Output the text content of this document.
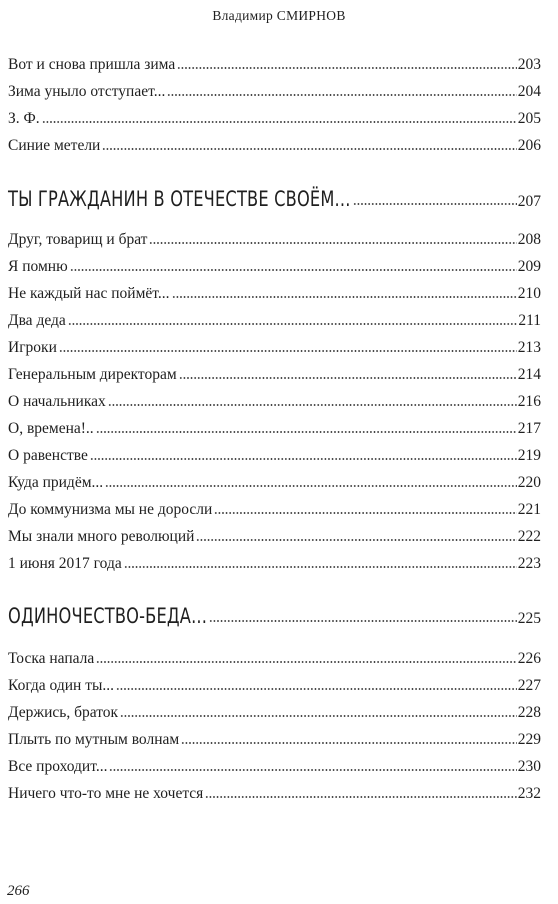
Владимир СМИРНОВ
Вот и снова пришла зима	203
Зима уныло отступает...	204
З. Ф.	205
Синие метели	206
ТЫ ГРАЖДАНИН В ОТЕЧЕСТВЕ СВОЁМ...	207
Друг, товарищ и брат	208
Я помню	209
Не каждый нас поймёт...	210
Два деда	211
Игроки	213
Генеральным директорам	214
О начальниках	216
О, времена!..	217
О равенстве	219
Куда придём...	220
До коммунизма мы не доросли	221
Мы знали много революций	222
1 июня 2017 года	223
ОДИНОЧЕСТВО-БЕДА...	225
Тоска напала	226
Когда один ты...	227
Держись, браток	228
Плыть по мутным волнам	229
Все проходит...	230
Ничего что-то мне не хочется	232
266
